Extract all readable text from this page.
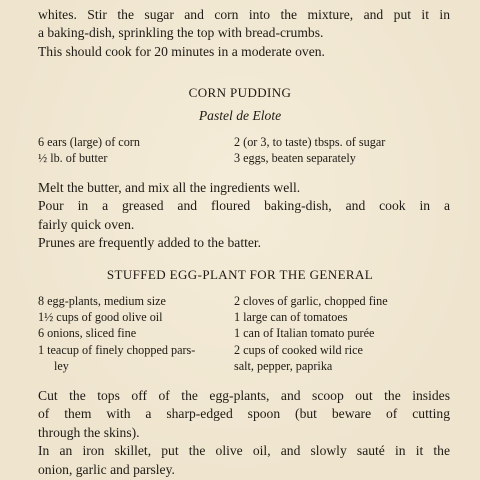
whites. Stir the sugar and corn into the mixture, and put it in
a baking-dish, sprinkling the top with bread-crumbs.
This should cook for 20 minutes in a moderate oven.
CORN PUDDING
Pastel de Elote
6 ears (large) of corn
½ lb. of butter
2 (or 3, to taste) tbsps. of sugar
3 eggs, beaten separately
Melt the butter, and mix all the ingredients well.
Pour in a greased and floured baking-dish, and cook in a
fairly quick oven.
Prunes are frequently added to the batter.
STUFFED EGG-PLANT FOR THE GENERAL
8 egg-plants, medium size
1½ cups of good olive oil
6 onions, sliced fine
1 teacup of finely chopped pars-
ley
2 cloves of garlic, chopped fine
1 large can of tomatoes
1 can of Italian tomato purée
2 cups of cooked wild rice
salt, pepper, paprika
Cut the tops off of the egg-plants, and scoop out the insides
of them with a sharp-edged spoon (but beware of cutting
through the skins).
In an iron skillet, put the olive oil, and slowly sauté in it the
onion, garlic and parsley.
